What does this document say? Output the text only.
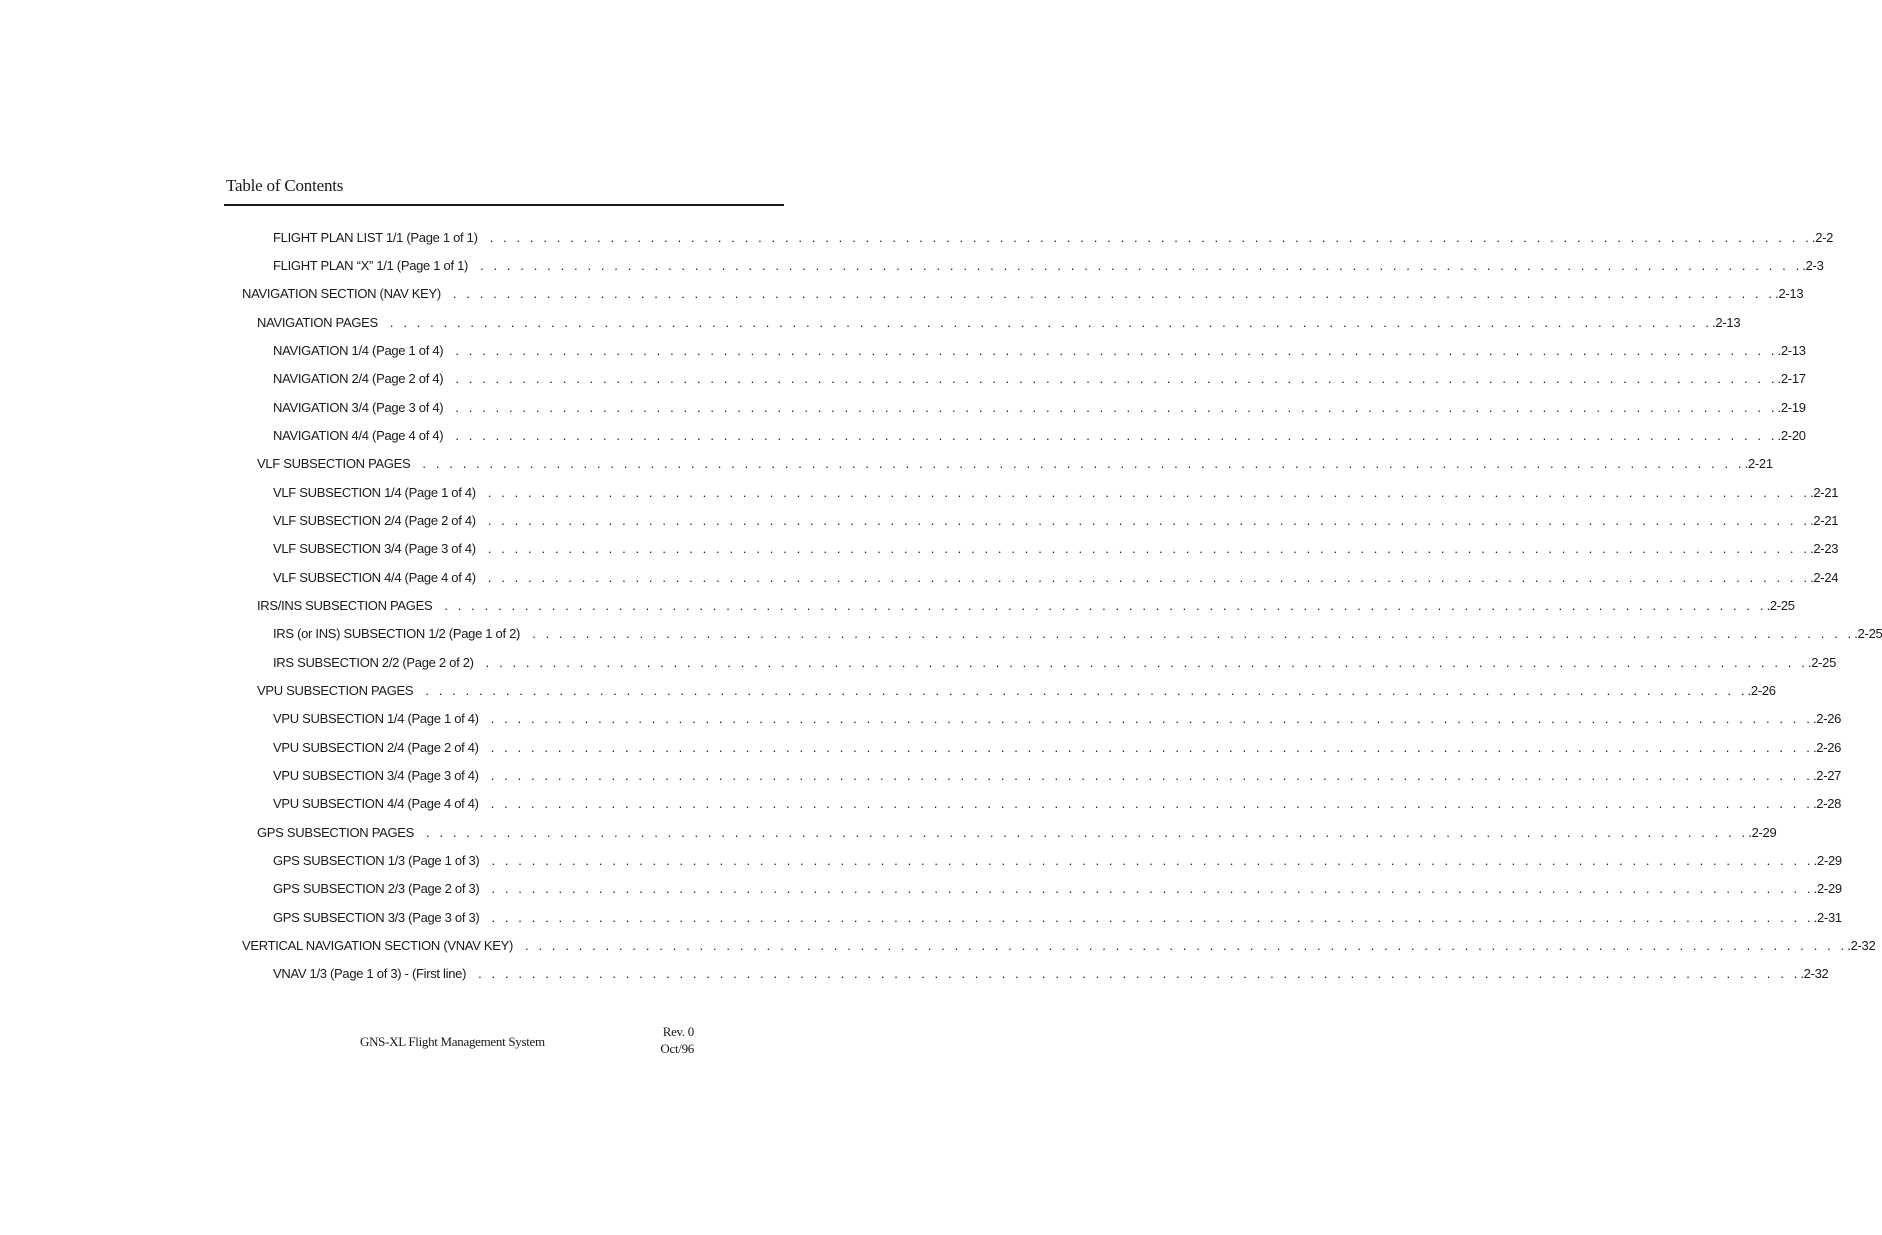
Table of Contents
FLIGHT PLAN LIST 1/1 (Page 1 of 1) . . . . . . . . . . . . . . . . . . . . . . . . . . . . . . . . . . . . . . . . . . . . . . . . . . . . . . . . . . . . . . . . . . . . . . . . . . . . . . . . . . . . . . . . . . . . . . . . . . . .2-2
FLIGHT PLAN “X” 1/1 (Page 1 of 1) . . . . . . . . . . . . . . . . . . . . . . . . . . . . . . . . . . . . . . . . . . . . . . . . . . . . . . . . . . . . . . . . . . . . . . . . . . . . . . . . . . . . . . . . . . . . . . . . . . . .2-3
NAVIGATION SECTION (NAV KEY) . . . . . . . . . . . . . . . . . . . . . . . . . . . . . . . . . . . . . . . . . . . . . . . . . . . . . . . . . . . . . . . . . . . . . . . . . . . . . . . . . . . . . . . . . . . . . . . . . . . .2-13
NAVIGATION PAGES . . . . . . . . . . . . . . . . . . . . . . . . . . . . . . . . . . . . . . . . . . . . . . . . . . . . . . . . . . . . . . . . . . . . . . . . . . . . . . . . . . . . . . . . . . . . . . . . . . . .2-13
NAVIGATION 1/4 (Page 1 of 4) . . . . . . . . . . . . . . . . . . . . . . . . . . . . . . . . . . . . . . . . . . . . . . . . . . . . . . . . . . . . . . . . . . . . . . . . . . . . . . . . . . . . . . . . . . . . . . . . . . . .2-13
NAVIGATION 2/4 (Page 2 of 4) . . . . . . . . . . . . . . . . . . . . . . . . . . . . . . . . . . . . . . . . . . . . . . . . . . . . . . . . . . . . . . . . . . . . . . . . . . . . . . . . . . . . . . . . . . . . . . . . . . . .2-17
NAVIGATION 3/4 (Page 3 of 4) . . . . . . . . . . . . . . . . . . . . . . . . . . . . . . . . . . . . . . . . . . . . . . . . . . . . . . . . . . . . . . . . . . . . . . . . . . . . . . . . . . . . . . . . . . . . . . . . . . . .2-19
NAVIGATION 4/4 (Page 4 of 4) . . . . . . . . . . . . . . . . . . . . . . . . . . . . . . . . . . . . . . . . . . . . . . . . . . . . . . . . . . . . . . . . . . . . . . . . . . . . . . . . . . . . . . . . . . . . . . . . . . . .2-20
VLF SUBSECTION PAGES . . . . . . . . . . . . . . . . . . . . . . . . . . . . . . . . . . . . . . . . . . . . . . . . . . . . . . . . . . . . . . . . . . . . . . . . . . . . . . . . . . . . . . . . . . . . . . . . . . . .2-21
VLF SUBSECTION 1/4 (Page 1 of 4) . . . . . . . . . . . . . . . . . . . . . . . . . . . . . . . . . . . . . . . . . . . . . . . . . . . . . . . . . . . . . . . . . . . . . . . . . . . . . . . . . . . . . . . . . . . . . . . . . . . .2-21
VLF SUBSECTION 2/4 (Page 2 of 4) . . . . . . . . . . . . . . . . . . . . . . . . . . . . . . . . . . . . . . . . . . . . . . . . . . . . . . . . . . . . . . . . . . . . . . . . . . . . . . . . . . . . . . . . . . . . . . . . . . . .2-21
VLF SUBSECTION 3/4 (Page 3 of 4) . . . . . . . . . . . . . . . . . . . . . . . . . . . . . . . . . . . . . . . . . . . . . . . . . . . . . . . . . . . . . . . . . . . . . . . . . . . . . . . . . . . . . . . . . . . . . . . . . . . .2-23
VLF SUBSECTION 4/4 (Page 4 of 4) . . . . . . . . . . . . . . . . . . . . . . . . . . . . . . . . . . . . . . . . . . . . . . . . . . . . . . . . . . . . . . . . . . . . . . . . . . . . . . . . . . . . . . . . . . . . . . . . . . . .2-24
IRS/INS SUBSECTION PAGES . . . . . . . . . . . . . . . . . . . . . . . . . . . . . . . . . . . . . . . . . . . . . . . . . . . . . . . . . . . . . . . . . . . . . . . . . . . . . . . . . . . . . . . . . . . . . . . . . . . .2-25
IRS (or INS) SUBSECTION 1/2 (Page 1 of 2) . . . . . . . . . . . . . . . . . . . . . . . . . . . . . . . . . . . . . . . . . . . . . . . . . . . . . . . . . . . . . . . . . . . . . . . . . . . . . . . . . . . . . . . . . . . . . . . . . . . .2-25
IRS SUBSECTION 2/2 (Page 2 of 2) . . . . . . . . . . . . . . . . . . . . . . . . . . . . . . . . . . . . . . . . . . . . . . . . . . . . . . . . . . . . . . . . . . . . . . . . . . . . . . . . . . . . . . . . . . . . . . . . . . . .2-25
VPU SUBSECTION PAGES . . . . . . . . . . . . . . . . . . . . . . . . . . . . . . . . . . . . . . . . . . . . . . . . . . . . . . . . . . . . . . . . . . . . . . . . . . . . . . . . . . . . . . . . . . . . . . . . . . . .2-26
VPU SUBSECTION 1/4 (Page 1 of 4) . . . . . . . . . . . . . . . . . . . . . . . . . . . . . . . . . . . . . . . . . . . . . . . . . . . . . . . . . . . . . . . . . . . . . . . . . . . . . . . . . . . . . . . . . . . . . . . . . . . .2-26
VPU SUBSECTION 2/4 (Page 2 of 4) . . . . . . . . . . . . . . . . . . . . . . . . . . . . . . . . . . . . . . . . . . . . . . . . . . . . . . . . . . . . . . . . . . . . . . . . . . . . . . . . . . . . . . . . . . . . . . . . . . . .2-26
VPU SUBSECTION 3/4 (Page 3 of 4) . . . . . . . . . . . . . . . . . . . . . . . . . . . . . . . . . . . . . . . . . . . . . . . . . . . . . . . . . . . . . . . . . . . . . . . . . . . . . . . . . . . . . . . . . . . . . . . . . . . .2-27
VPU SUBSECTION 4/4 (Page 4 of 4) . . . . . . . . . . . . . . . . . . . . . . . . . . . . . . . . . . . . . . . . . . . . . . . . . . . . . . . . . . . . . . . . . . . . . . . . . . . . . . . . . . . . . . . . . . . . . . . . . . . .2-28
GPS SUBSECTION PAGES . . . . . . . . . . . . . . . . . . . . . . . . . . . . . . . . . . . . . . . . . . . . . . . . . . . . . . . . . . . . . . . . . . . . . . . . . . . . . . . . . . . . . . . . . . . . . . . . . . . .2-29
GPS SUBSECTION 1/3 (Page 1 of 3) . . . . . . . . . . . . . . . . . . . . . . . . . . . . . . . . . . . . . . . . . . . . . . . . . . . . . . . . . . . . . . . . . . . . . . . . . . . . . . . . . . . . . . . . . . . . . . . . . . . .2-29
GPS SUBSECTION 2/3 (Page 2 of 3) . . . . . . . . . . . . . . . . . . . . . . . . . . . . . . . . . . . . . . . . . . . . . . . . . . . . . . . . . . . . . . . . . . . . . . . . . . . . . . . . . . . . . . . . . . . . . . . . . . . .2-29
GPS SUBSECTION 3/3 (Page 3 of 3) . . . . . . . . . . . . . . . . . . . . . . . . . . . . . . . . . . . . . . . . . . . . . . . . . . . . . . . . . . . . . . . . . . . . . . . . . . . . . . . . . . . . . . . . . . . . . . . . . . . .2-31
VERTICAL NAVIGATION SECTION (VNAV KEY) . . . . . . . . . . . . . . . . . . . . . . . . . . . . . . . . . . . . . . . . . . . . . . . . . . . . . . . . . . . . . . . . . . . . . . . . . . . . . . . . . . . . . . . . . . . . . . . . . . . .2-32
VNAV 1/3 (Page 1 of 3) - (First line) . . . . . . . . . . . . . . . . . . . . . . . . . . . . . . . . . . . . . . . . . . . . . . . . . . . . . . . . . . . . . . . . . . . . . . . . . . . . . . . . . . . . . . . . . . . . . . . . . . . .2-32
GNS-XL Flight Management System
Rev. 0
Oct/96
